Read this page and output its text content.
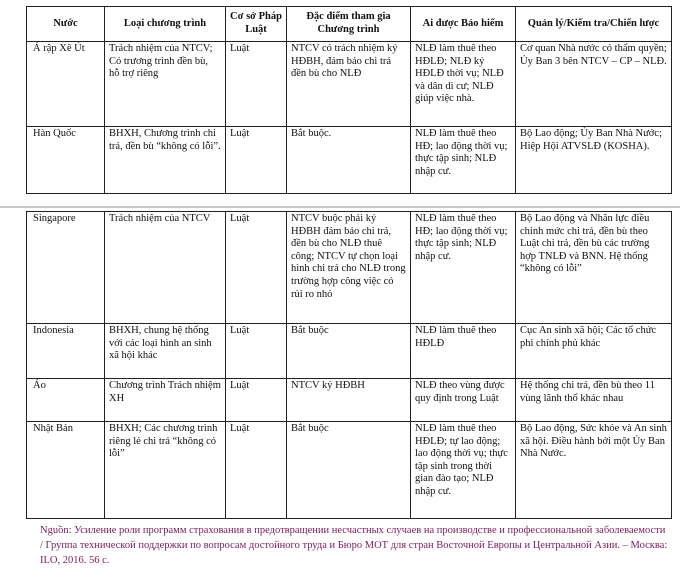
Nước	Loại chương trình	Cơ sở Pháp Luật	Đặc điểm tham gia Chương trình	Ai được Bảo hiểm	Quản lý/Kiểm tra/Chiến lược
Ả rập Xê Út	Trách nhiệm của NTCV; Có trương trình đền bù, hỗ trợ riêng	Luật	NTCV có trách nhiệm ký HĐBH, đảm bảo chi trả đền bù cho NLĐ	NLĐ làm thuê theo HĐLĐ; NLĐ ký HĐLĐ thời vụ; NLĐ và dân di cư; NLĐ giúp việc nhà.	Cơ quan Nhà nước có thẩm quyền; Ủy Ban 3 bên NTCV – CP – NLĐ.
Hàn Quốc	BHXH, Chương trình chi trả, đền bù “không có lỗi”.	Luật	Bắt buộc.	NLĐ làm thuê theo HĐ; lao động thời vụ; thực tập sinh; NLĐ nhập cư.	Bộ Lao động; Ủy Ban Nhà Nước; Hiệp Hội ATVSLĐ (KOSHA).
Singapore	Trách nhiệm của NTCV	Luật	NTCV buộc phải ký HĐBH đảm bảo chi trả, đền bù cho NLĐ thuê công; NTCV tự chọn loại hình chi trả cho NLĐ trong trường hợp công việc có rủi ro nhỏ	NLĐ làm thuê theo HĐ; lao động thời vụ; thực tập sinh; NLĐ nhập cư.	Bộ Lao động và Nhân lực điều chỉnh mức chi trả, đền bù theo Luật chi trả, đền bù các trường hợp TNLĐ và BNN. Hệ thống “không có lỗi”
Indonesia	BHXH, chung hệ thống với các loại hình an sinh xã hội khác	Luật	Bắt buộc	NLĐ làm thuê theo HĐLĐ	Cục An sinh xã hội; Các tổ chức phi chính phủ khác
Áo	Chương trình Trách nhiệm XH	Luật	NTCV ký HĐBH	NLĐ theo vùng được quy định trong Luật	Hệ thống chi trả, đền bù theo 11 vùng lãnh thổ khác nhau
Nhật Bản	BHXH; Các chương trình riêng lẻ chi trả “không có lỗi”	Luật	Bắt buộc	NLĐ làm thuê theo HĐLĐ; tự lao động; lao động thời vụ; thực tập sinh trong thời gian đào tạo; NLĐ nhập cư.	Bộ Lao động, Sức khỏe và An sinh xã hội. Điều hành bởi một Ủy Ban Nhà Nước.
Nguồn: Усиление роли программ страхования в предотвращении несчастных случаев на производстве и профессиональной заболеваемости / Группа технической поддержки по вопросам достойного труда и Бюро МОТ для стран Восточной Европы и Центральной Азии. – Москва: ILO, 2016. 56 с.
